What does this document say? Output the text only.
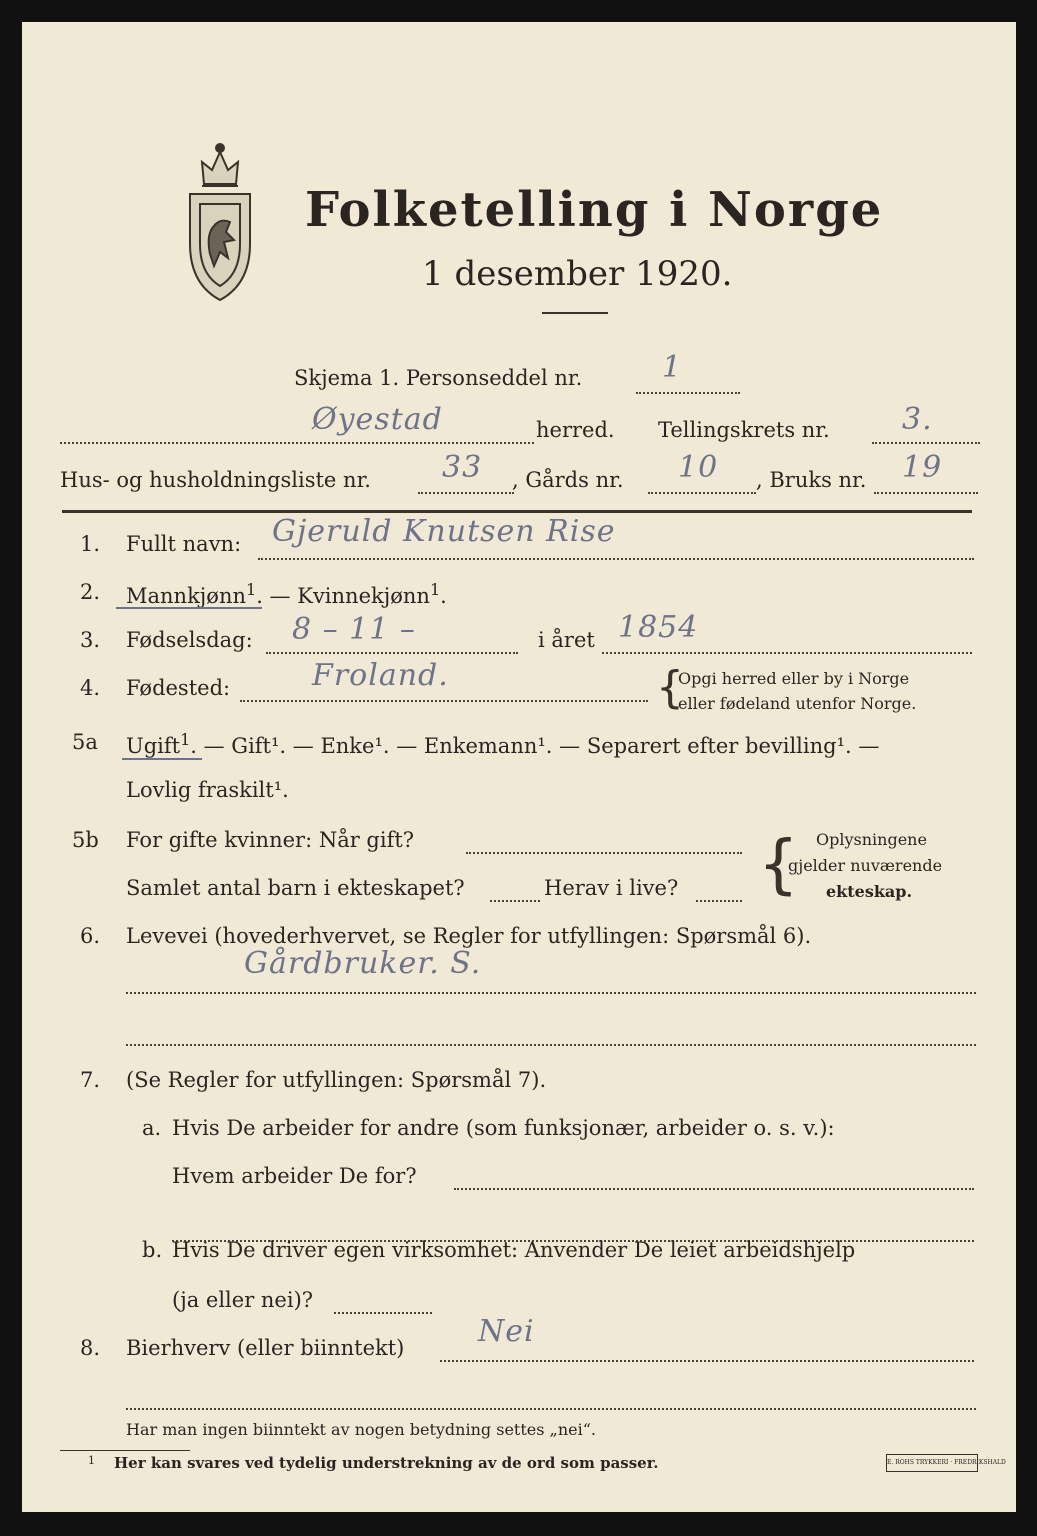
Folketelling i Norge
1 desember 1920.
Skjema 1. Personseddel nr.	1
Øyestad	herred. Tellingskrets nr. 3.
Hus- og husholdningsliste nr. 33 , Gårds nr. 10 , Bruks nr. 19
1. Fullt navn: Gjeruld Knutsen Rise
2. Mannkjønn$^1$. — Kvinnekjønn$^1$.
3. Fødselsdag: 8 – 11 –	i året 1854
4. Fødested:	Froland.	{
Opgi herred eller by i Norge
eller fødeland utenfor Norge.
5a Ugift$^1$. — Gift¹. — Enke¹. — Enkemann¹. — Separert efter bevilling¹. —
Lovlig fraskilt¹.
5b For gifte kvinner: Når gift?
Samlet antal barn i ekteskapet?	Herav i live? { Oplysningene
gjelder nuværende
ekteskap.
6. Levevei (hovederhvervet, se Regler for utfyllingen: Spørsmål 6).
Gårdbruker. S.
7. (Se Regler for utfyllingen: Spørsmål 7).
a. Hvis De arbeider for andre (som funksjonær, arbeider o. s. v.):
Hvem arbeider De for?
b. Hvis De driver egen virksomhet: Anvender De leiet arbeidshjelp
(ja eller nei)?
8. Bierhverv (eller biinntekt) Nei
Har man ingen biinntekt av nogen betydning settes „nei“.
1 Her kan svares ved tydelig understrekning av de ord som passer.	E. ROHS TRYKKERI · FREDRIKSHALD
